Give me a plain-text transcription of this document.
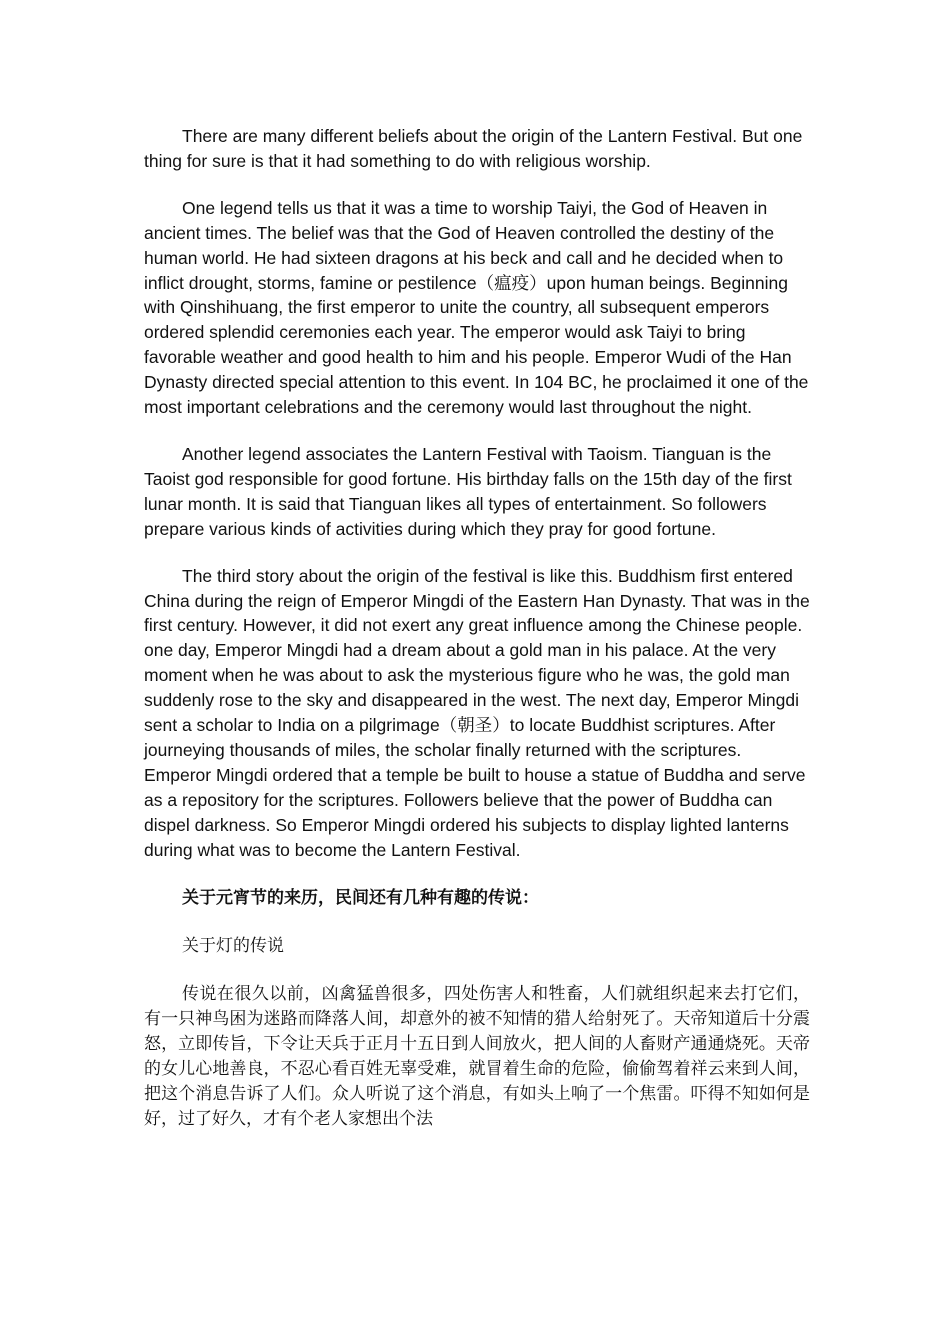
There are many different beliefs about the origin of the Lantern Festival. But one thing for sure is that it had something to do with religious worship.

One legend tells us that it was a time to worship Taiyi, the God of Heaven in ancient times. The belief was that the God of Heaven controlled the destiny of the human world. He had sixteen dragons at his beck and call and he decided when to inflict drought, storms, famine or pestilence（瘟疫）upon human beings. Beginning with Qinshihuang, the first emperor to unite the country, all subsequent emperors ordered splendid ceremonies each year. The emperor would ask Taiyi to bring favorable weather and good health to him and his people. Emperor Wudi of the Han Dynasty directed special attention to this event. In 104 BC, he proclaimed it one of the most important celebrations and the ceremony would last throughout the night.

Another legend associates the Lantern Festival with Taoism. Tianguan is the Taoist god responsible for good fortune. His birthday falls on the 15th day of the first lunar month. It is said that Tianguan likes all types of entertainment. So followers prepare various kinds of activities during which they pray for good fortune.

The third story about the origin of the festival is like this. Buddhism first entered China during the reign of Emperor Mingdi of the Eastern Han Dynasty. That was in the first century. However, it did not exert any great influence among the Chinese people. one day, Emperor Mingdi had a dream about a gold man in his palace. At the very moment when he was about to ask the mysterious figure who he was, the gold man suddenly rose to the sky and disappeared in the west. The next day, Emperor Mingdi sent a scholar to India on a pilgrimage（朝圣）to locate Buddhist scriptures. After journeying thousands of miles, the scholar finally returned with the scriptures. Emperor Mingdi ordered that a temple be built to house a statue of Buddha and serve as a repository for the scriptures. Followers believe that the power of Buddha can dispel darkness. So Emperor Mingdi ordered his subjects to display lighted lanterns during what was to become the Lantern Festival.

关于元宵节的来历，民间还有几种有趣的传说：

关于灯的传说

传说在很久以前，凶禽猛兽很多，四处伤害人和牲畜，人们就组织起来去打它们，有一只神鸟困为迷路而降落人间，却意外的被不知情的猎人给射死了。天帝知道后十分震怒，立即传旨，下令让天兵于正月十五日到人间放火，把人间的人畜财产通通烧死。天帝的女儿心地善良，不忍心看百姓无辜受难，就冒着生命的危险，偷偷驾着祥云来到人间，把这个消息告诉了人们。众人听说了这个消息，有如头上响了一个焦雷。吓得不知如何是好，过了好久，才有个老人家想出个法
